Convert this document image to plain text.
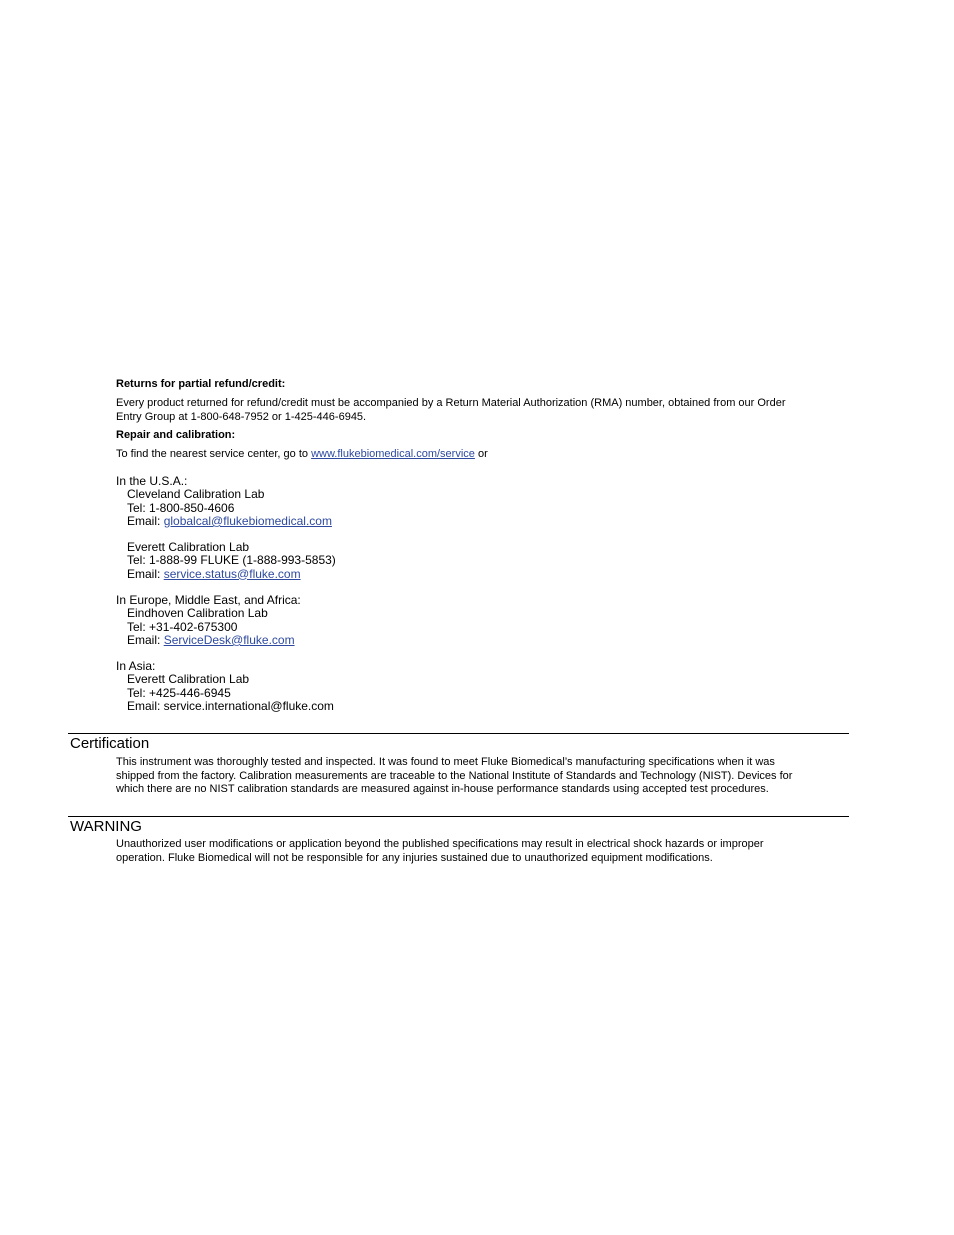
Returns for partial refund/credit:
Every product returned for refund/credit must be accompanied by a Return Material Authorization (RMA) number, obtained from our Order
Entry Group at 1-800-648-7952 or 1-425-446-6945.
Repair and calibration:
To find the nearest service center, go to www.flukebiomedical.com/service or
In the U.S.A.:
Cleveland Calibration Lab
Tel: 1-800-850-4606
Email: globalcal@flukebiomedical.com
Everett Calibration Lab
Tel: 1-888-99 FLUKE (1-888-993-5853)
Email: service.status@fluke.com
In Europe, Middle East, and Africa:
Eindhoven Calibration Lab
Tel: +31-402-675300
Email: ServiceDesk@fluke.com
In Asia:
Everett Calibration Lab
Tel: +425-446-6945
Email: service.international@fluke.com
Certification
This instrument was thoroughly tested and inspected. It was found to meet Fluke Biomedical’s manufacturing specifications when it was
shipped from the factory. Calibration measurements are traceable to the National Institute of Standards and Technology (NIST). Devices for
which there are no NIST calibration standards are measured against in-house performance standards using accepted test procedures.
WARNING
Unauthorized user modifications or application beyond the published specifications may result in electrical shock hazards or improper
operation. Fluke Biomedical will not be responsible for any injuries sustained due to unauthorized equipment modifications.
